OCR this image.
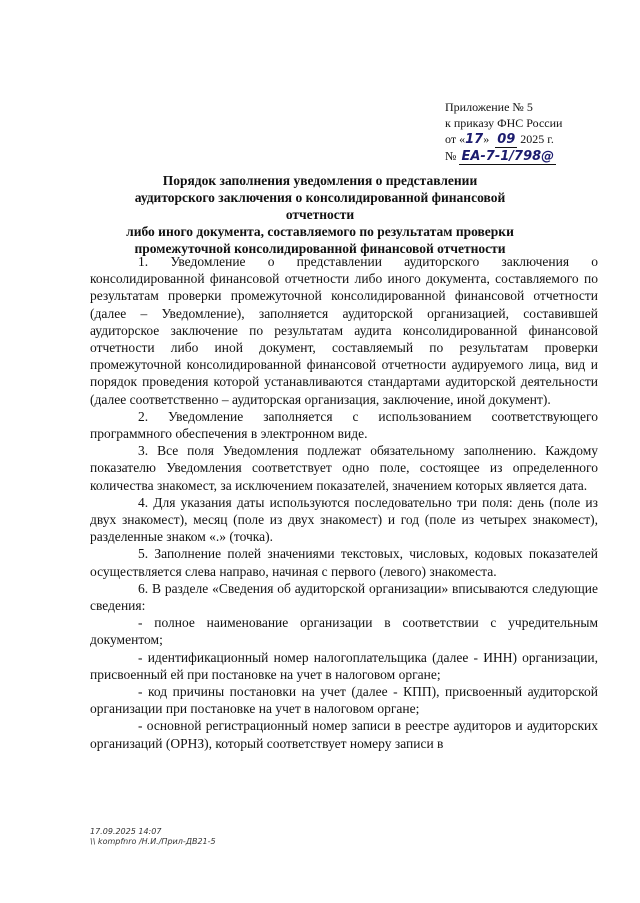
Приложение № 5
к приказу ФНС России
от «17» 09 2025 г.
№ ЕА-7-1/798@
Порядок заполнения уведомления о представлении
аудиторского заключения о консолидированной финансовой отчетности
либо иного документа, составляемого по результатам проверки
промежуточной консолидированной финансовой отчетности

1. Уведомление о представлении аудиторского заключения о консолидированной финансовой отчетности либо иного документа, составляемого по результатам проверки промежуточной консолидированной финансовой отчетности (далее – Уведомление), заполняется аудиторской организацией, составившей аудиторское заключение по результатам аудита консолидированной финансовой отчетности либо иной документ, составляемый по результатам проверки промежуточной консолидированной финансовой отчетности аудируемого лица, вид и порядок проведения которой устанавливаются стандартами аудиторской деятельности (далее соответственно – аудиторская организация, заключение, иной документ).

2. Уведомление заполняется с использованием соответствующего программного обеспечения в электронном виде.

3. Все поля Уведомления подлежат обязательному заполнению. Каждому показателю Уведомления соответствует одно поле, состоящее из определенного количества знакомест, за исключением показателей, значением которых является дата.

4. Для указания даты используются последовательно три поля: день (поле из двух знакомест), месяц (поле из двух знакомест) и год (поле из четырех знакомест), разделенные знаком «.» (точка).

5. Заполнение полей значениями текстовых, числовых, кодовых показателей осуществляется слева направо, начиная с первого (левого) знакоместа.

6. В разделе «Сведения об аудиторской организации» вписываются следующие сведения:

- полное наименование организации в соответствии с учредительным документом;

- идентификационный номер налогоплательщика (далее - ИНН) организации, присвоенный ей при постановке на учет в налоговом органе;

- код причины постановки на учет (далее - КПП), присвоенный аудиторской организации при постановке на учет в налоговом органе;

- основной регистрационный номер записи в реестре аудиторов и аудиторских организаций (ОРНЗ), который соответствует номеру записи в

17.09.2025 14:07
\\ kompfnro /Н.И./Прил-ДВ21-5
